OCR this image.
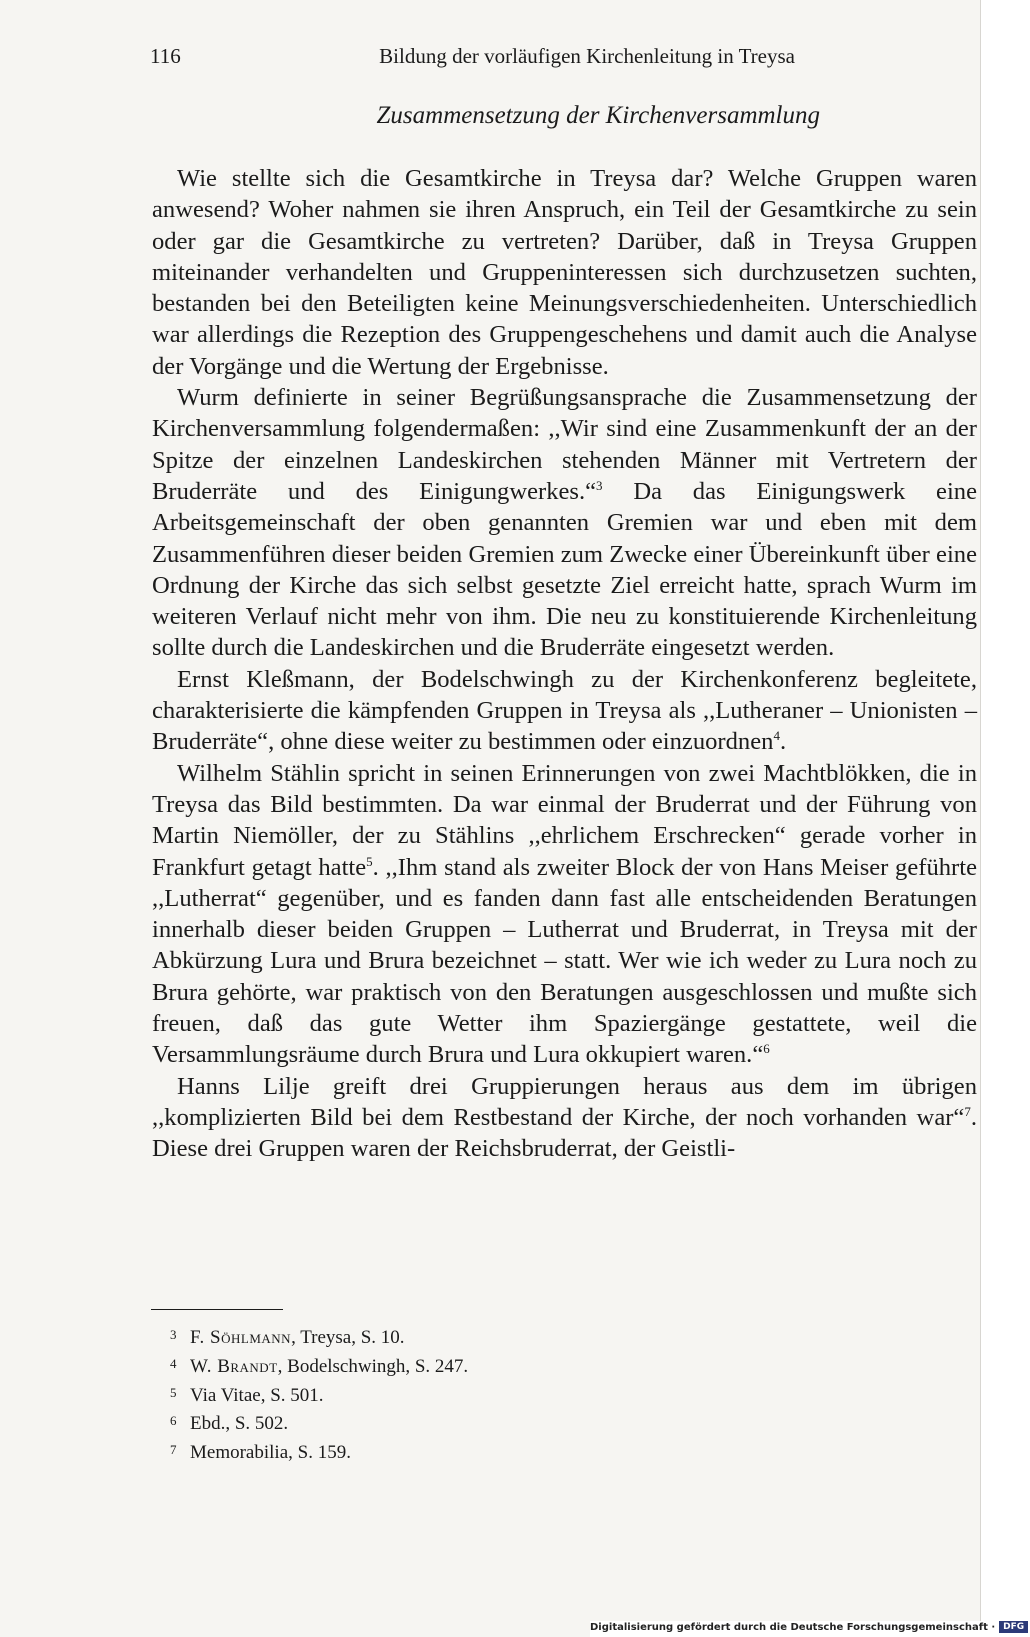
116	Bildung der vorläufigen Kirchenleitung in Treysa
Zusammensetzung der Kirchenversammlung

Wie stellte sich die Gesamtkirche in Treysa dar? Welche Gruppen waren anwesend? Woher nahmen sie ihren Anspruch, ein Teil der Gesamtkirche zu sein oder gar die Gesamtkirche zu vertreten? Darüber, daß in Treysa Gruppen miteinander verhandelten und Gruppeninteressen sich durchzusetzen suchten, bestanden bei den Beteiligten keine Meinungsverschiedenheiten. Unterschiedlich war allerdings die Rezeption des Gruppengeschehens und damit auch die Analyse der Vorgänge und die Wertung der Ergebnisse.

Wurm definierte in seiner Begrüßungsansprache die Zusammensetzung der Kirchenversammlung folgendermaßen: ,,Wir sind eine Zusammenkunft der an der Spitze der einzelnen Landeskirchen stehenden Männer mit Vertretern der Bruderräte und des Einigungwerkes.“$^3$ Da das Einigungswerk eine Arbeitsgemeinschaft der oben genannten Gremien war und eben mit dem Zusammenführen dieser beiden Gremien zum Zwecke einer Übereinkunft über eine Ordnung der Kirche das sich selbst gesetzte Ziel erreicht hatte, sprach Wurm im weiteren Verlauf nicht mehr von ihm. Die neu zu konstituierende Kirchenleitung sollte durch die Landeskirchen und die Bruderräte eingesetzt werden.

Ernst Kleßmann, der Bodelschwingh zu der Kirchenkonferenz begleitete, charakterisierte die kämpfenden Gruppen in Treysa als ,,Lutheraner – Unionisten – Bruderräte“, ohne diese weiter zu bestimmen oder einzuordnen$^4$.

Wilhelm Stählin spricht in seinen Erinnerungen von zwei Machtblökken, die in Treysa das Bild bestimmten. Da war einmal der Bruderrat und der Führung von Martin Niemöller, der zu Stählins ,,ehrlichem Erschrecken“ gerade vorher in Frankfurt getagt hatte$^5$. ,,Ihm stand als zweiter Block der von Hans Meiser geführte ,,Lutherrat“ gegenüber, und es fanden dann fast alle entscheidenden Beratungen innerhalb dieser beiden Gruppen – Lutherrat und Bruderrat, in Treysa mit der Abkürzung Lura und Brura bezeichnet – statt. Wer wie ich weder zu Lura noch zu Brura gehörte, war praktisch von den Beratungen ausgeschlossen und mußte sich freuen, daß das gute Wetter ihm Spaziergänge gestattete, weil die Versammlungsräume durch Brura und Lura okkupiert waren.“$^6$

Hanns Lilje greift drei Gruppierungen heraus aus dem im übrigen ,,komplizierten Bild bei dem Restbestand der Kirche, der noch vorhanden war“$^7$. Diese drei Gruppen waren der Reichsbruderrat, der Geistli-

3 F. Söhlmann, Treysa, S. 10.
4 W. Brandt, Bodelschwingh, S. 247.
5 Via Vitae, S. 501.
6 Ebd., S. 502.
7 Memorabilia, S. 159.
Digitalisierung gefördert durch die Deutsche Forschungsgemeinschaft · DFG
